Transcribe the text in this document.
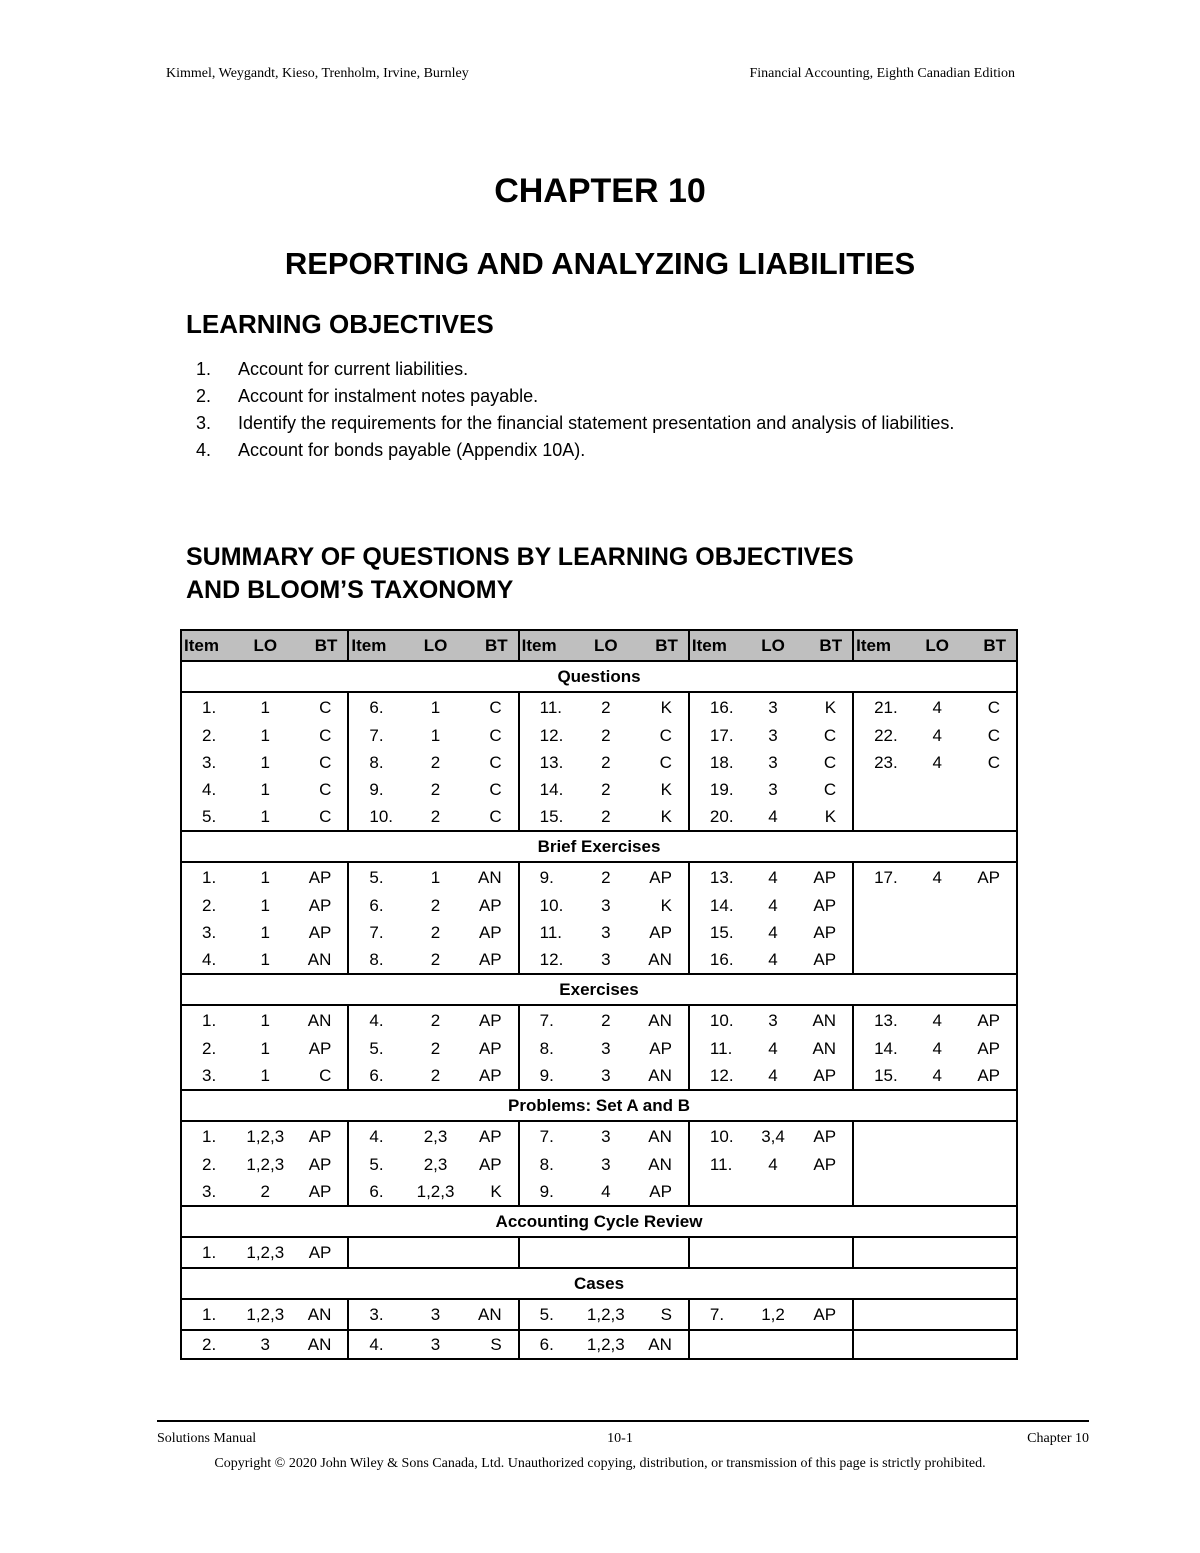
Kimmel, Weygandt, Kieso, Trenholm, Irvine, Burnley	Financial Accounting, Eighth Canadian Edition
CHAPTER 10
REPORTING AND ANALYZING LIABILITIES
LEARNING OBJECTIVES
1. Account for current liabilities.
2. Account for instalment notes payable.
3. Identify the requirements for the financial statement presentation and analysis of liabilities.
4. Account for bonds payable (Appendix 10A).
SUMMARY OF QUESTIONS BY LEARNING OBJECTIVES
AND BLOOM’S TAXONOMY
Item	LO	BT	Item	LO	BT	Item	LO	BT	Item	LO	BT	Item	LO	BT
Questions														
1.	1	C	6.	1	C	11.	2	K	16.	3	K	21.	4	C
2.	1	C	7.	1	C	12.	2	C	17.	3	C	22.	4	C
3.	1	C	8.	2	C	13.	2	C	18.	3	C	23.	4	C
4.	1	C	9.	2	C	14.	2	K	19.	3	C			
5.	1	C	10.	2	C	15.	2	K	20.	4	K			
Brief Exercises														
1.	1	AP	5.	1	AN	9.	2	AP	13.	4	AP	17.	4	AP
2.	1	AP	6.	2	AP	10.	3	K	14.	4	AP			
3.	1	AP	7.	2	AP	11.	3	AP	15.	4	AP			
4.	1	AN	8.	2	AP	12.	3	AN	16.	4	AP			
Exercises														
1.	1	AN	4.	2	AP	7.	2	AN	10.	3	AN	13.	4	AP
2.	1	AP	5.	2	AP	8.	3	AP	11.	4	AN	14.	4	AP
3.	1	C	6.	2	AP	9.	3	AN	12.	4	AP	15.	4	AP
Problems: Set A and B														
1.	1,2,3	AP	4.	2,3	AP	7.	3	AN	10.	3,4	AP			
2.	1,2,3	AP	5.	2,3	AP	8.	3	AN	11.	4	AP			
3.	2	AP	6.	1,2,3	K	9.	4	AP						
Accounting Cycle Review														
1.	1,2,3	AP												
Cases														
1.	1,2,3	AN	3.	3	AN	5.	1,2,3	S	7.	1,2	AP			
2.	3	AN	4.	3	S	6.	1,2,3	AN						
Solutions Manual	10-1	Chapter 10
Copyright © 2020 John Wiley & Sons Canada, Ltd. Unauthorized copying, distribution, or transmission of this page is strictly prohibited.
